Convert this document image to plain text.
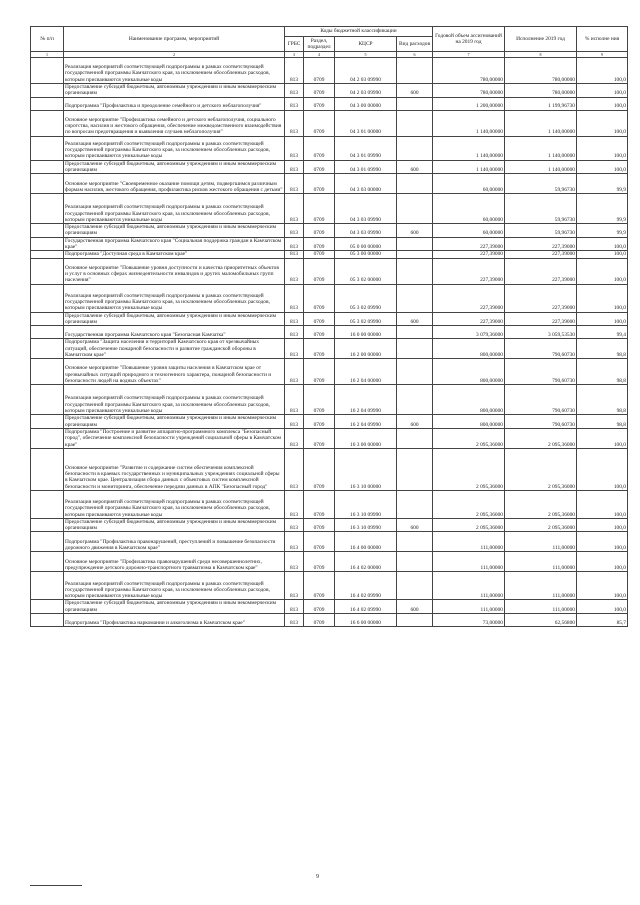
№ п/п	Наименование программ, мероприятий	Коды бюджетной классификации				Годовой объем ассигнований на 2019 год	Исполнение 2019 год	% исполне ния
		ГРБС	Раздел, подраздел	КЦСР	Вид расходов			
1	2	3	4	5	6	7	8	9
	Реализация мероприятий соответствующей подпрограммы в рамках соответствующей государственной программы Камчатского края, за исключением обособленных расходов, которым присваиваются уникальные коды	813	0709	04 2 03 09990		780,00000	780,00000	100,0
	Предоставление субсидий бюджетным, автономным учреждениям и иным некоммерческим организациям	813	0709	04 2 03 09990	600	780,00000	780,00000	100,0
	Подпрограмма "Профилактика и преодоление семейного и детского неблагополучия"	813	0709	04 3 00 00000		1 200,00000	1 199,96730	100,0
	Основное мероприятие "Профилактика семейного и детского неблагополучия, социального сиротства, насилия и жестокого обращения, обеспечение межведомственного взаимодействия по вопросам предотвращения и выявления случаев неблагополучия"	813	0709	04 3 01 00000		1 140,00000	1 140,00000	100,0
	Реализация мероприятий соответствующей подпрограммы в рамках соответствующей государственной программы Камчатского края, за исключением обособленных расходов, которым присваиваются уникальные коды	813	0709	04 3 01 09990		1 140,00000	1 140,00000	100,0
	Предоставление субсидий бюджетным, автономным учреждениям и иным некоммерческим организациям	813	0709	04 3 01 09990	600	1 140,00000	1 140,00000	100,0
	Основное мероприятие "Своевременное оказание помощи детям, подвергшимся различным формам насилия, жестокого обращения, профилактика рисков жестокого обращения с детьми"	813	0709	04 3 03 00000		60,00000	59,96730	99,9
	Реализация мероприятий соответствующей подпрограммы в рамках соответствующей государственной программы Камчатского края, за исключением обособленных расходов, которым присваиваются уникальные коды	813	0709	04 3 03 09990		60,00000	59,96730	99,9
	Предоставление субсидий бюджетным, автономным учреждениям и иным некоммерческим организациям	813	0709	04 3 03 09990	600	60,00000	59,96730	99,9
	Государственная программа Камчатского края "Социальная поддержка граждан в Камчатском крае"	813	0709	05 0 00 00000		227,39000	227,39000	100,0
	Подпрограмма "Доступная среда в Камчатском крае"	813	0709	05 3 00 00000		227,39000	227,39000	100,0
	Основное мероприятие "Повышение уровня доступности и качества приоритетных объектов и услуг в основных сферах жизнедеятельности инвалидов и других маломобильных групп населения"	813	0709	05 3 02 00000		227,39000	227,39000	100,0
	Реализация мероприятий соответствующей подпрограммы в рамках соответствующей государственной программы Камчатского края, за исключением обособленных расходов, которым присваиваются уникальные коды	813	0709	05 3 02 09990		227,39000	227,39000	100,0
	Предоставление субсидий бюджетным, автономным учреждениям и иным некоммерческим организациям	813	0709	05 3 02 09990	600	227,39000	227,39000	100,0
	Государственная программа Камчатского края "Безопасная Камчатка"	813	0709	16 0 00 00000		3 079,36000	3 059,53530	99,4
	Подпрограмма "Защита населения и территорий Камчатского края от чрезвычайных ситуаций, обеспечение пожарной безопасности и развитие гражданской обороны в Камчатском крае"	813	0709	16 2 00 00000		800,00000	790,60730	98,8
	Основное мероприятие "Повышение уровня защиты населения в Камчатском крае от чрезвычайных ситуаций природного и техногенного характера, пожарной безопасности и безопасности людей на водных объектах"	813	0709	16 2 04 00000		800,00000	790,60730	98,8
	Реализация мероприятий соответствующей подпрограммы в рамках соответствующей государственной программы Камчатского края, за исключением обособленных расходов, которым присваиваются уникальные коды	813	0709	16 2 04 09990		800,00000	790,60730	98,8
	Предоставление субсидий бюджетным, автономным учреждениям и иным некоммерческим организациям	813	0709	16 2 04 09990	600	800,00000	790,60730	98,8
	Подпрограмма "Построение и развитие аппаратно-программного комплекса "Безопасный город", обеспечение комплексной безопасности учреждений социальной сферы в Камчатском крае"	813	0709	16 3 00 00000		2 095,36000	2 095,36000	100,0
	Основное мероприятие "Развитие и содержание систем обеспечения комплексной безопасности в краевых государственных и муниципальных учреждениях социальной сферы в Камчатском крае. Централизация сбора данных с объектовых систем комплексной безопасности и мониторинга, обеспечение передачи данных в АПК "Безопасный город"	813	0709	16 3 10 00000		2 095,36000	2 095,36000	100,0
	Реализация мероприятий соответствующей подпрограммы в рамках соответствующей государственной программы Камчатского края, за исключением обособленных расходов, которым присваиваются уникальные коды	813	0709	16 3 10 09990		2 095,36000	2 095,36000	100,0
	Предоставление субсидий бюджетным, автономным учреждениям и иным некоммерческим организациям	813	0709	16 3 10 09990	600	2 095,36000	2 095,36000	100,0
	Подпрограмма "Профилактика правонарушений, преступлений и повышение безопасности дорожного движения в Камчатском крае"	813	0709	16 4 00 00000		111,00000	111,00000	100,0
	Основное мероприятие "Профилактика правонарушений среди несовершеннолетних, предупреждение детского дорожно-транспортного травматизма в Камчатском крае"	813	0709	16 4 02 00000		111,00000	111,00000	100,0
	Реализация мероприятий соответствующей подпрограммы в рамках соответствующей государственной программы Камчатского края, за исключением обособленных расходов, которым присваиваются уникальные коды	813	0709	16 4 02 09990		111,00000	111,00000	100,0
	Предоставление субсидий бюджетным, автономным учреждениям и иным некоммерческим организациям	813	0709	16 4 02 09990	600	111,00000	111,00000	100,0
	Подпрограмма "Профилактика наркомании и алкоголизма в Камчатском крае"	813	0709	16 6 00 00000		73,00000	62,56800	85,7
9
